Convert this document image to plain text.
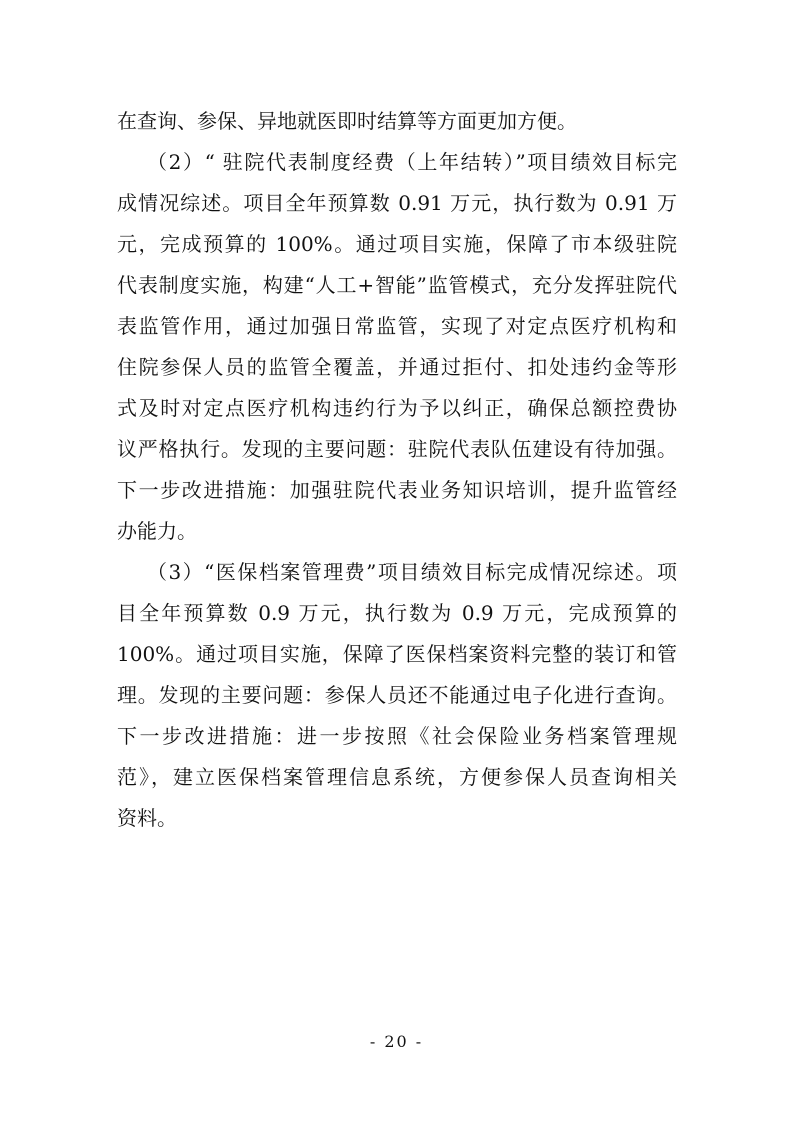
在查询、参保、异地就医即时结算等方面更加方便。
（2）“ 驻院代表制度经费（上年结转）”项目绩效目标完
成情况综述。项目全年预算数 0.91 万元，执行数为 0.91 万
元，完成预算的 100%。通过项目实施，保障了市本级驻院
代表制度实施，构建“人工+智能”监管模式，充分发挥驻院代
表监管作用，通过加强日常监管，实现了对定点医疗机构和
住院参保人员的监管全覆盖，并通过拒付、扣处违约金等形
式及时对定点医疗机构违约行为予以纠正，确保总额控费协
议严格执行。发现的主要问题：驻院代表队伍建设有待加强。
下一步改进措施：加强驻院代表业务知识培训，提升监管经
办能力。
（3）“医保档案管理费”项目绩效目标完成情况综述。项
目全年预算数 0.9 万元，执行数为 0.9 万元，完成预算的
100%。通过项目实施，保障了医保档案资料完整的装订和管
理。发现的主要问题：参保人员还不能通过电子化进行查询。
下一步改进措施：进一步按照《社会保险业务档案管理规
范》，建立医保档案管理信息系统，方便参保人员查询相关
资料。
- 20 -
